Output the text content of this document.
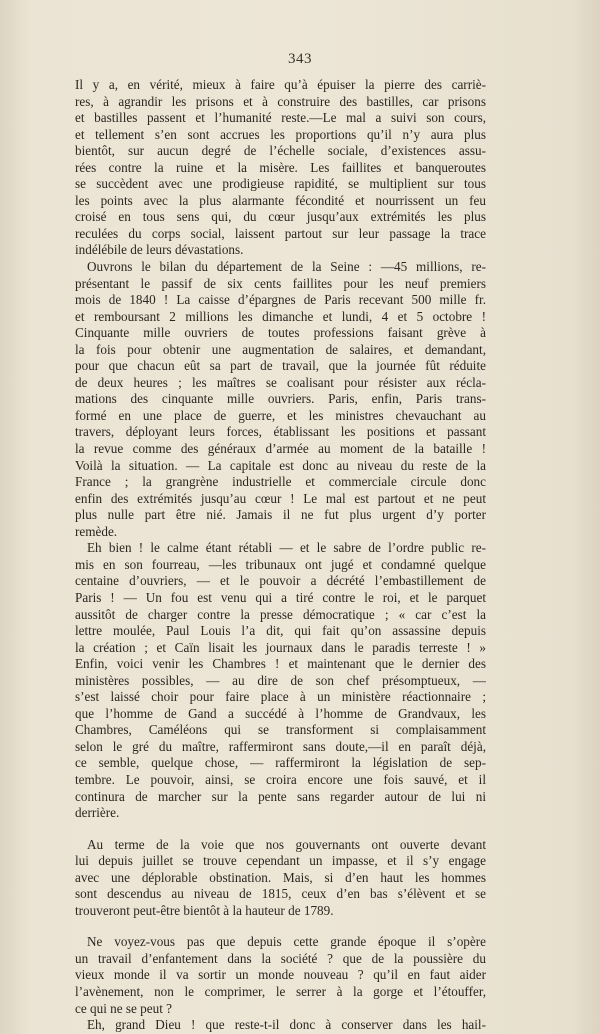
343
Il y a, en vérité, mieux à faire qu’à épuiser la pierre des carriè-
res, à agrandir les prisons et à construire des bastilles, car prisons
et bastilles passent et l’humanité reste.—Le mal a suivi son cours,
et tellement s’en sont accrues les proportions qu’il n’y aura plus
bientôt, sur aucun degré de l’échelle sociale, d’existences assu-
rées contre la ruine et la misère. Les faillites et banqueroutes
se succèdent avec une prodigieuse rapidité, se multiplient sur tous
les points avec la plus alarmante fécondité et nourrissent un feu
croisé en tous sens qui, du cœur jusqu’aux extrémités les plus
reculées du corps social, laissent partout sur leur passage la trace
indélébile de leurs dévastations.
Ouvrons le bilan du département de la Seine : —45 millions, re-
présentant le passif de six cents faillites pour les neuf premiers
mois de 1840 ! La caisse d’épargnes de Paris recevant 500 mille fr.
et remboursant 2 millions les dimanche et lundi, 4 et 5 octobre !
Cinquante mille ouvriers de toutes professions faisant grève à
la fois pour obtenir une augmentation de salaires, et demandant,
pour que chacun eût sa part de travail, que la journée fût réduite
de deux heures ; les maîtres se coalisant pour résister aux récla-
mations des cinquante mille ouvriers. Paris, enfin, Paris trans-
formé en une place de guerre, et les ministres chevauchant au
travers, déployant leurs forces, établissant les positions et passant
la revue comme des généraux d’armée au moment de la bataille !
Voilà la situation. — La capitale est donc au niveau du reste de la
France ; la grangrène industrielle et commerciale circule donc
enfin des extrémités jusqu’au cœur ! Le mal est partout et ne peut
plus nulle part être nié. Jamais il ne fut plus urgent d’y porter
remède.
Eh bien ! le calme étant rétabli — et le sabre de l’ordre public re-
mis en son fourreau, —les tribunaux ont jugé et condamné quelque
centaine d’ouvriers, — et le pouvoir a décrété l’embastillement de
Paris ! — Un fou est venu qui a tiré contre le roi, et le parquet
aussitôt de charger contre la presse démocratique ; « car c’est la
lettre moulée, Paul Louis l’a dit, qui fait qu’on assassine depuis
la création ; et Caïn lisait les journaux dans le paradis terreste ! »
Enfin, voici venir les Chambres ! et maintenant que le dernier des
ministères possibles, — au dire de son chef présomptueux, —
s’est laissé choir pour faire place à un ministère réactionnaire ;
que l’homme de Gand a succédé à l’homme de Grandvaux, les
Chambres, Caméléons qui se transforment si complaisamment
selon le gré du maître, raffermiront sans doute,—il en paraît déjà,
ce semble, quelque chose, — raffermiront la législation de sep-
tembre. Le pouvoir, ainsi, se croira encore une fois sauvé, et il
continura de marcher sur la pente sans regarder autour de lui ni
derrière.
Au terme de la voie que nos gouvernants ont ouverte devant
lui depuis juillet se trouve cependant un impasse, et il s’y engage
avec une déplorable obstination. Mais, si d’en haut les hommes
sont descendus au niveau de 1815, ceux d’en bas s’élèvent et se
trouveront peut-être bientôt à la hauteur de 1789.
Ne voyez-vous pas que depuis cette grande époque il s’opère
un travail d’enfantement dans la société ? que de la poussière du
vieux monde il va sortir un monde nouveau ? qu’il en faut aider
l’avènement, non le comprimer, le serrer à la gorge et l’étouffer,
ce qui ne se peut ?
Eh, grand Dieu ! que reste-t-il donc à conserver dans les hail-
